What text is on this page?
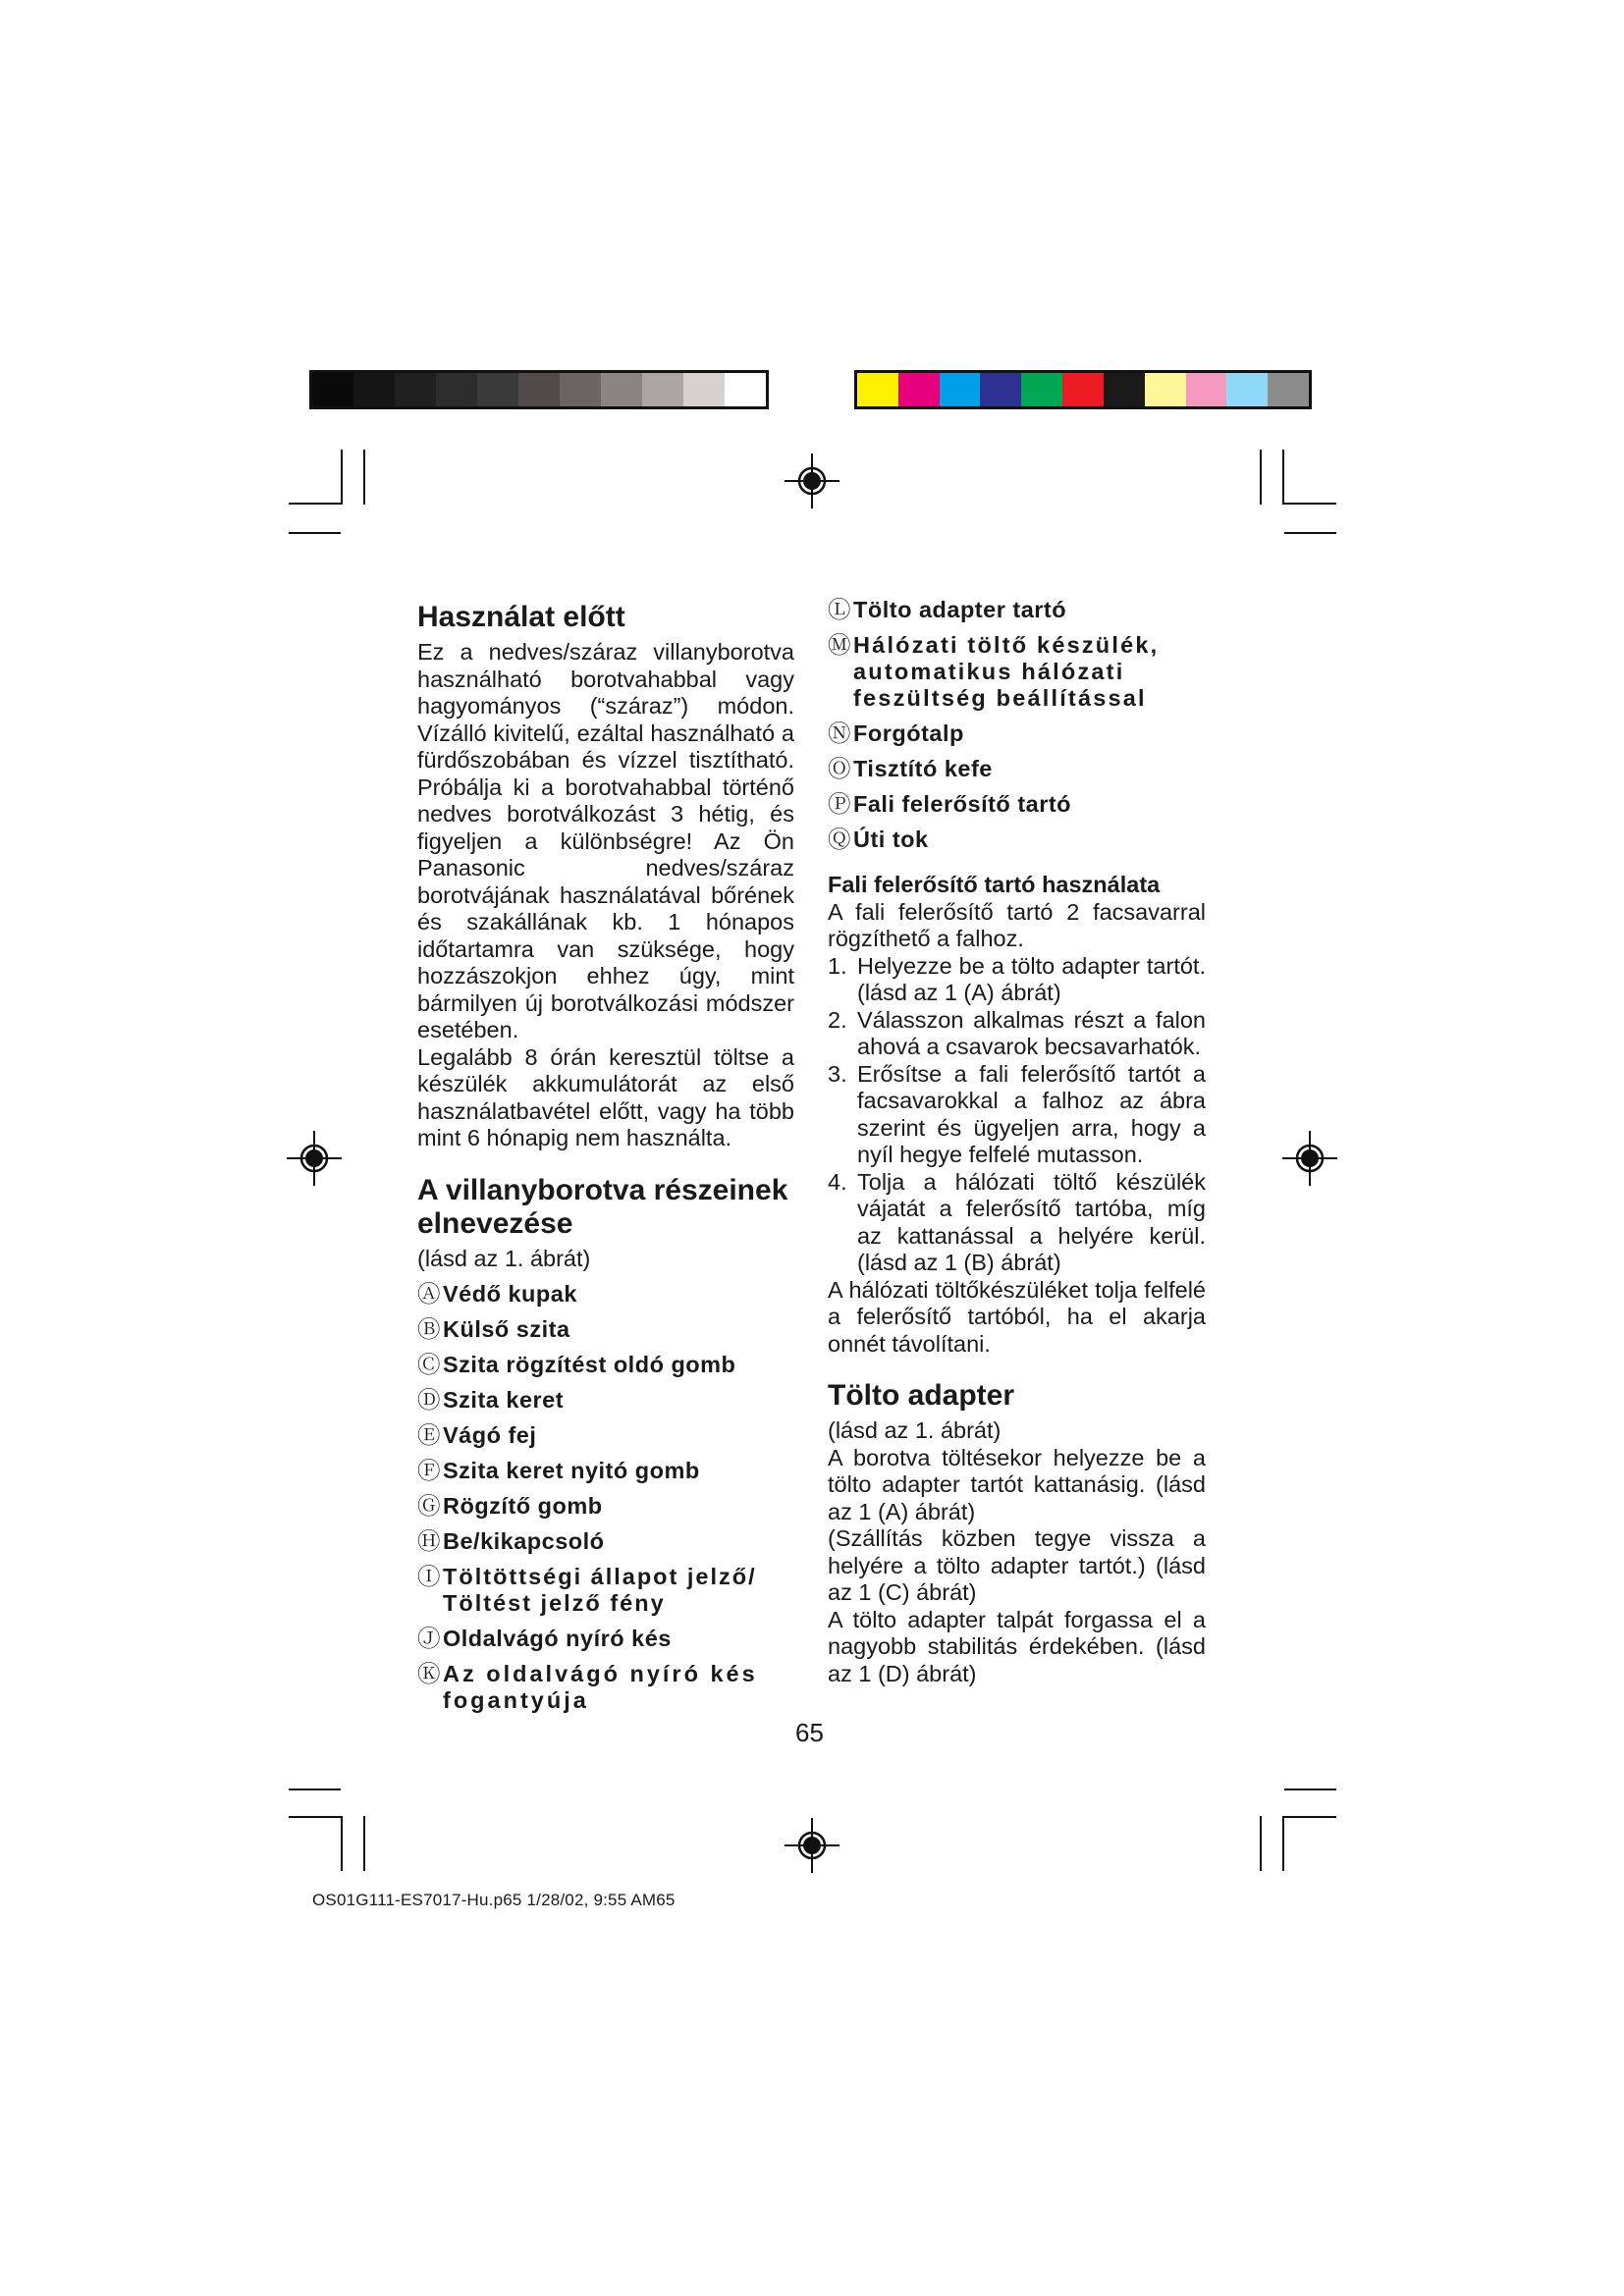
Használat előtt

Ez a nedves/száraz villanyborotva használható borotvahabbal vagy hagyományos (“száraz”) módon. Vízálló kivitelű, ezáltal használható a fürdőszobában és vízzel tisztítható. Próbálja ki a borotvahabbal történő nedves borotválkozást 3 hétig, és figyeljen a különbségre! Az Ön Panasonic nedves/száraz borotvájának használatával bőrének és szakállának kb. 1 hónapos időtartamra van szüksége, hogy hozzászokjon ehhez úgy, mint bármilyen új borotválkozási módszer esetében.

Legalább 8 órán keresztül töltse a készülék akkumulátorát az első használatbavétel előtt, vagy ha több mint 6 hónapig nem használta.

A villanyborotva részeinek elnevezése

(lásd az 1. ábrát)

Ⓐ Védő kupak
Ⓑ Külső szita
Ⓒ Szita rögzítést oldó gomb
Ⓓ Szita keret
Ⓔ Vágó fej
Ⓕ Szita keret nyitó gomb
Ⓖ Rögzítő gomb
Ⓗ Be/kikapcsoló
Ⓘ Töltöttségi állapot jelző/ Töltést jelző fény
Ⓙ Oldalvágó nyíró kés
Ⓚ Az oldalvágó nyíró kés fogantyúja
Ⓛ Tölto adapter tartó
Ⓜ Hálózati töltő készülék, automatikus hálózati feszültség beállítással
Ⓝ Forgótalp
Ⓞ Tisztító kefe
Ⓟ Fali felerősítő tartó
Ⓠ Úti tok
Fali felerősítő tartó használata

A fali felerősítő tartó 2 facsavarral rögzíthető a falhoz.

1. Helyezze be a tölto adapter tartót. (lásd az 1 (A) ábrát)
2. Válasszon alkalmas részt a falon ahová a csavarok becsavarhatók.
3. Erősítse a fali felerősítő tartót a facsavarokkal a falhoz az ábra szerint és ügyeljen arra, hogy a nyíl hegye felfelé mutasson.
4. Tolja a hálózati töltő készülék vájatát a felerősítő tartóba, míg az kattanással a helyére kerül. (lásd az 1 (B) ábrát)

A hálózati töltőkészüléket tolja felfelé a felerősítő tartóból, ha el akarja onnét távolítani.

Tölto adapter

(lásd az 1. ábrát)

A borotva töltésekor helyezze be a tölto adapter tartót kattanásig. (lásd az 1 (A) ábrát)

(Szállítás közben tegye vissza a helyére a tölto adapter tartót.) (lásd az 1 (C) ábrát)

A tölto adapter talpát forgassa el a nagyobb stabilitás érdekében. (lásd az 1 (D) ábrát)

65
OS01G111-ES7017-Hu.p65 1/28/02, 9:55 AM65
